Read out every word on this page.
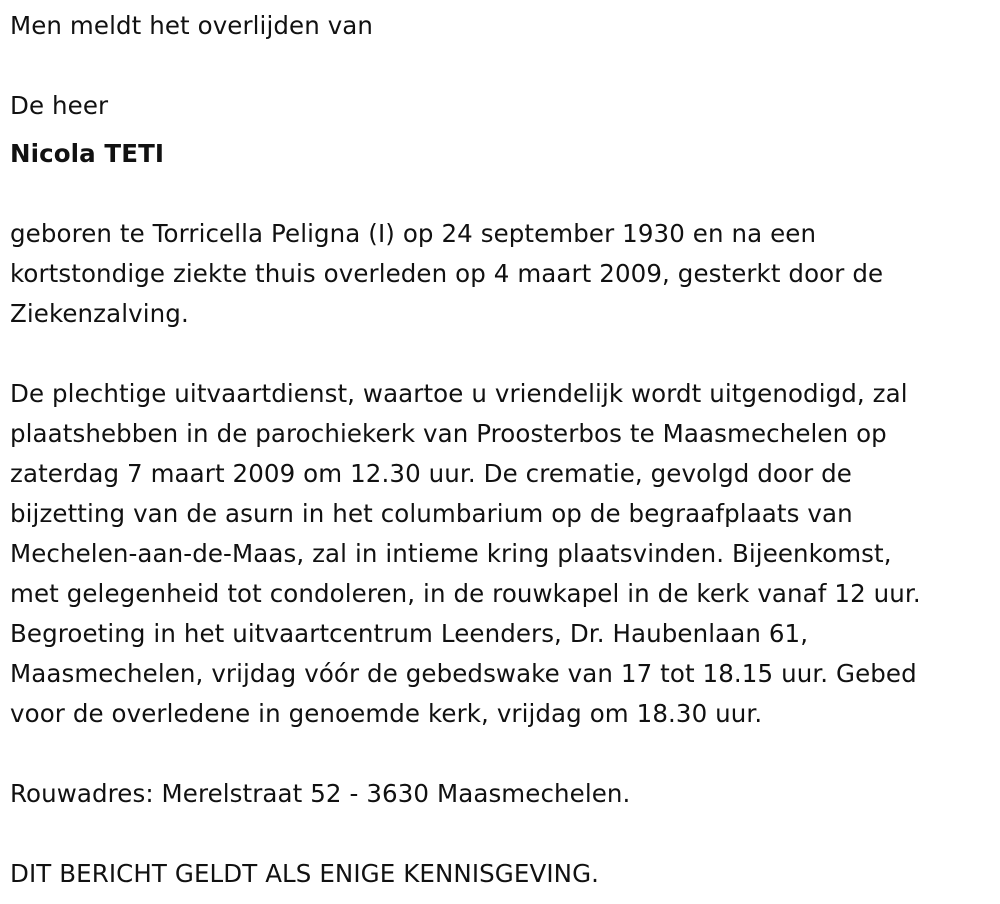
Men meldt het overlijden van

De heer

Nicola TETI

geboren te Torricella Peligna (I) op 24 september 1930 en na een

kortstondige ziekte thuis overleden op 4 maart 2009, gesterkt door de

Ziekenzalving.

De plechtige uitvaartdienst, waartoe u vriendelijk wordt uitgenodigd, zal

plaatshebben in de parochiekerk van Proosterbos te Maasmechelen op

zaterdag 7 maart 2009 om 12.30 uur. De crematie, gevolgd door de

bijzetting van de asurn in het columbarium op de begraafplaats van

Mechelen-aan-de-Maas, zal in intieme kring plaatsvinden. Bijeenkomst,

met gelegenheid tot condoleren, in de rouwkapel in de kerk vanaf 12 uur.

Begroeting in het uitvaartcentrum Leenders, Dr. Haubenlaan 61,

Maasmechelen, vrijdag vóór de gebedswake van 17 tot 18.15 uur. Gebed

voor de overledene in genoemde kerk, vrijdag om 18.30 uur.

Rouwadres: Merelstraat 52 - 3630 Maasmechelen.

DIT BERICHT GELDT ALS ENIGE KENNISGEVING.
